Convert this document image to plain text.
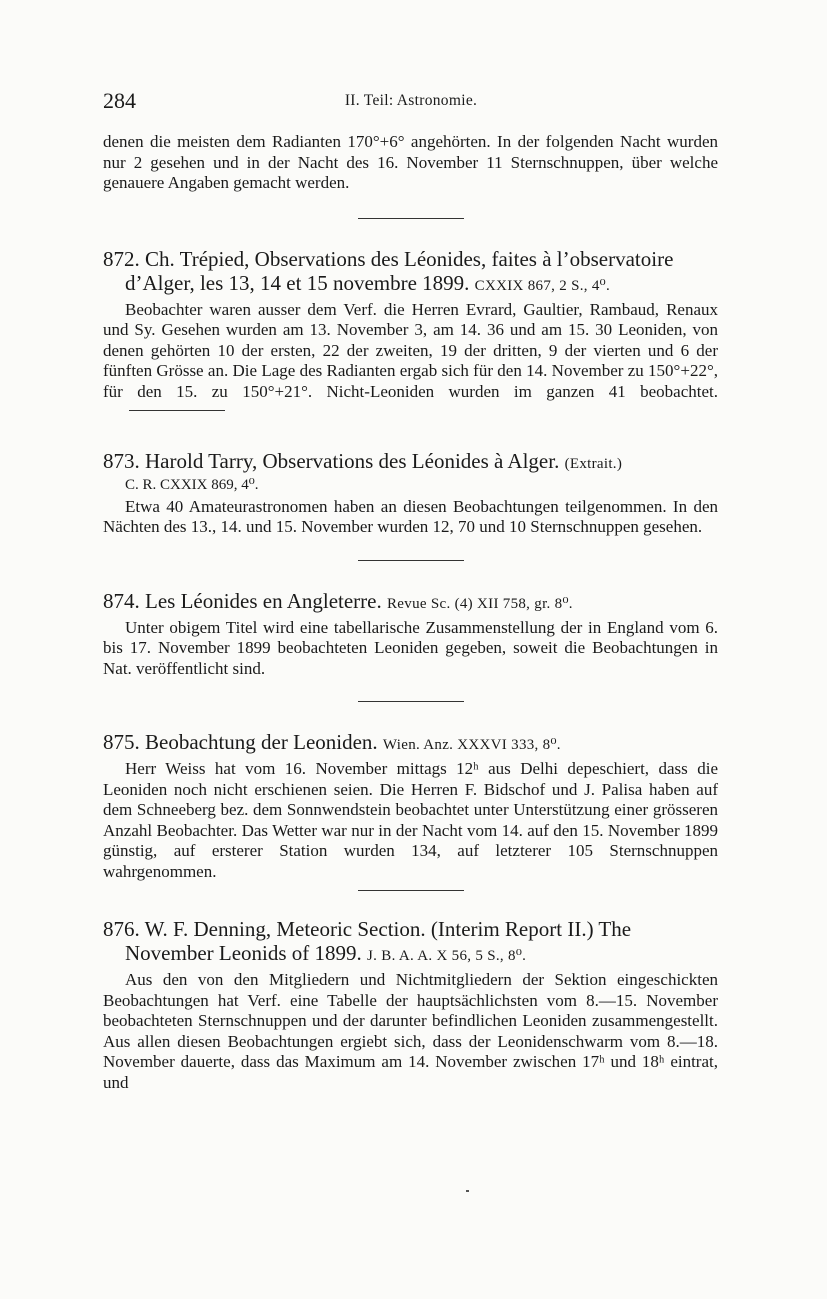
284	II. Teil: Astronomie.

denen die meisten dem Radianten 170°+6° angehörten. In der folgenden Nacht wurden nur 2 gesehen und in der Nacht des 16. November 11 Sternschnuppen, über welche genauere Angaben gemacht werden.

872. Ch. Trépied, Observations des Léonides, faites à l’observatoire d’Alger, les 13, 14 et 15 novembre 1899. CXXIX 867, 2 S., 4⁰.

Beobachter waren ausser dem Verf. die Herren Evrard, Gaultier, Rambaud, Renaux und Sy. Gesehen wurden am 13. November 3, am 14. 36 und am 15. 30 Leoniden, von denen gehörten 10 der ersten, 22 der zweiten, 19 der dritten, 9 der vierten und 6 der fünften Grösse an. Die Lage des Radianten ergab sich für den 14. November zu 150°+22°, für den 15. zu 150°+21°. Nicht-Leoniden wurden im ganzen 41 beobachtet.

873. Harold Tarry, Observations des Léonides à Alger. (Extrait.)

C. R. CXXIX 869, 4⁰.

Etwa 40 Amateurastronomen haben an diesen Beobachtungen teilgenommen. In den Nächten des 13., 14. und 15. November wurden 12, 70 und 10 Sternschnuppen gesehen.

874. Les Léonides en Angleterre. Revue Sc. (4) XII 758, gr. 8⁰.

Unter obigem Titel wird eine tabellarische Zusammenstellung der in England vom 6. bis 17. November 1899 beobachteten Leoniden gegeben, soweit die Beobachtungen in Nat. veröffentlicht sind.

875. Beobachtung der Leoniden. Wien. Anz. XXXVI 333, 8⁰.

Herr Weiss hat vom 16. November mittags 12ʰ aus Delhi depeschiert, dass die Leoniden noch nicht erschienen seien. Die Herren F. Bidschof und J. Palisa haben auf dem Schneeberg bez. dem Sonnwendstein beobachtet unter Unterstützung einer grösseren Anzahl Beobachter. Das Wetter war nur in der Nacht vom 14. auf den 15. November 1899 günstig, auf ersterer Station wurden 134, auf letzterer 105 Sternschnuppen wahrgenommen.

876. W. F. Denning, Meteoric Section. (Interim Report II.) The November Leonids of 1899. J. B. A. A. X 56, 5 S., 8⁰.

Aus den von den Mitgliedern und Nichtmitgliedern der Sektion eingeschickten Beobachtungen hat Verf. eine Tabelle der hauptsächlichsten vom 8.—15. November beobachteten Sternschnuppen und der darunter befindlichen Leoniden zusammengestellt. Aus allen diesen Beobachtungen ergiebt sich, dass der Leonidenschwarm vom 8.—18. November dauerte, dass das Maximum am 14. November zwischen 17ʰ und 18ʰ eintrat, und
